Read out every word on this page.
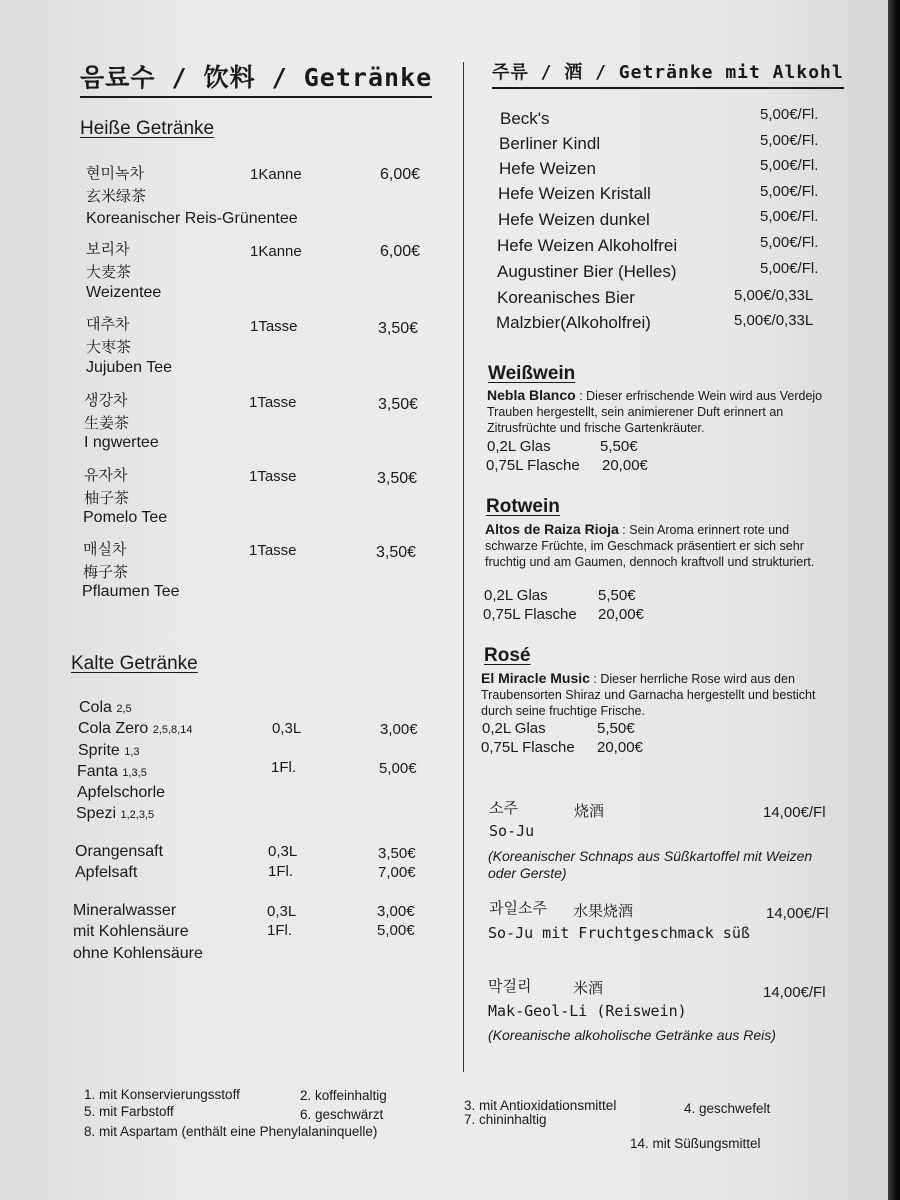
음료수 / 饮料 / Getränke
Heiße Getränke
현미녹차
玄米绿茶
Koreanischer Reis-Grünentee
1Kanne	6,00€
보리차
大麦茶
Weizentee
1Kanne	6,00€
대추차
大枣茶
Jujuben Tee
1Tasse	3,50€
생강차
生姜茶
I ngwertee
1Tasse	3,50€
유자차
柚子茶
Pomelo Tee
1Tasse	3,50€
매실차
梅子茶
Pflaumen Tee
1Tasse	3,50€
Kalte Getränke
Cola 2,5
Cola Zero 2,5,8,14
Sprite 1,3
Fanta 1,3,5
Apfelschorle
Spezi 1,2,3,5
0,3L	3,00€
1Fl.	5,00€
Orangensaft
Apfelsaft
0,3L	3,50€
1Fl.	7,00€
Mineralwasser
mit Kohlensäure
ohne Kohlensäure
0,3L	3,00€
1Fl.	5,00€
주류 / 酒 / Getränke mit Alkohl
Beck's	5,00€/Fl.
Berliner Kindl	5,00€/Fl.
Hefe Weizen	5,00€/Fl.
Hefe Weizen Kristall	5,00€/Fl.
Hefe Weizen dunkel	5,00€/Fl.
Hefe Weizen Alkoholfrei	5,00€/Fl.
Augustiner Bier (Helles)	5,00€/Fl.
Koreanisches Bier	5,00€/0,33L
Malzbier(Alkoholfrei)	5,00€/0,33L
Weißwein
Nebla Blanco : Dieser erfrischende Wein wird aus Verdejo Trauben hergestellt, sein animierener Duft erinnert an Zitrusfrüchte und frische Gartenkräuter.
0,2L Glas	5,50€
0,75L Flasche 20,00€
Rotwein
Altos de Raiza Rioja : Sein Aroma erinnert rote und schwarze Früchte, im Geschmack präsentiert er sich sehr fruchtig und am Gaumen, dennoch kraftvoll und strukturiert.
0,2L Glas	5,50€
0,75L Flasche 20,00€
Rosé
El Miracle Music : Dieser herrliche Rose wird aus den Traubensorten Shiraz und Garnacha hergestellt und besticht durch seine fruchtige Frische.
0,2L Glas	5,50€
0,75L Flasche 20,00€
소주	烧酒	14,00€/Fl
So-Ju
(Koreanischer Schnaps aus Süßkartoffel mit Weizen oder Gerste)
과일소주 水果烧酒	14,00€/Fl
So-Ju mit Fruchtgeschmack süß
막걸리	米酒	14,00€/Fl
Mak-Geol-Li (Reiswein)
(Koreanische alkoholische Getränke aus Reis)
1. mit Konservierungsstoff	2. koffeinhaltig
3. mit Antioxidationsmittel	4. geschwefelt
5. mit Farbstoff	6. geschwärzt	7. chininhaltig
8. mit Aspartam (enthält eine Phenylalaninquelle)
14. mit Süßungsmittel
